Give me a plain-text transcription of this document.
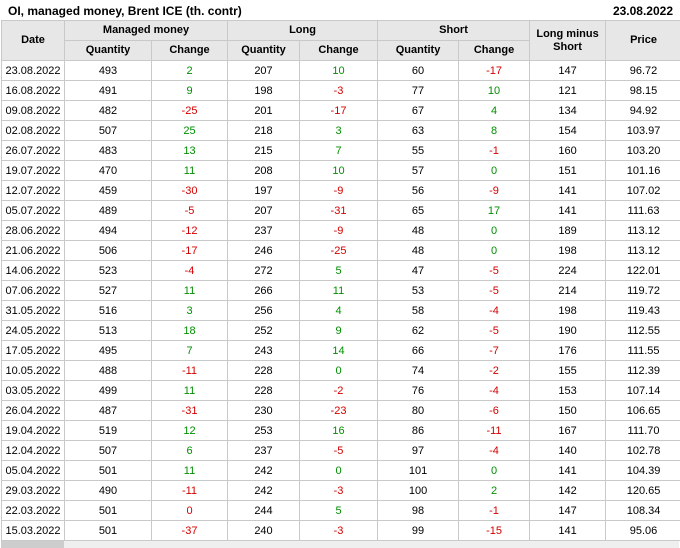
OI, managed money, Brent ICE (th. contr)	23.08.2022
Date	Managed money		Long		Short		Long minus Short	Price
	Quantity	Change	Quantity	Change	Quantity	Change		
23.08.2022	493	2	207	10	60	-17	147	96.72
16.08.2022	491	9	198	-3	77	10	121	98.15
09.08.2022	482	-25	201	-17	67	4	134	94.92
02.08.2022	507	25	218	3	63	8	154	103.97
26.07.2022	483	13	215	7	55	-1	160	103.20
19.07.2022	470	11	208	10	57	0	151	101.16
12.07.2022	459	-30	197	-9	56	-9	141	107.02
05.07.2022	489	-5	207	-31	65	17	141	111.63
28.06.2022	494	-12	237	-9	48	0	189	113.12
21.06.2022	506	-17	246	-25	48	0	198	113.12
14.06.2022	523	-4	272	5	47	-5	224	122.01
07.06.2022	527	11	266	11	53	-5	214	119.72
31.05.2022	516	3	256	4	58	-4	198	119.43
24.05.2022	513	18	252	9	62	-5	190	112.55
17.05.2022	495	7	243	14	66	-7	176	111.55
10.05.2022	488	-11	228	0	74	-2	155	112.39
03.05.2022	499	11	228	-2	76	-4	153	107.14
26.04.2022	487	-31	230	-23	80	-6	150	106.65
19.04.2022	519	12	253	16	86	-11	167	111.70
12.04.2022	507	6	237	-5	97	-4	140	102.78
05.04.2022	501	11	242	0	101	0	141	104.39
29.03.2022	490	-11	242	-3	100	2	142	120.65
22.03.2022	501	0	244	5	98	-1	147	108.34
15.03.2022	501	-37	240	-3	99	-15	141	95.06
